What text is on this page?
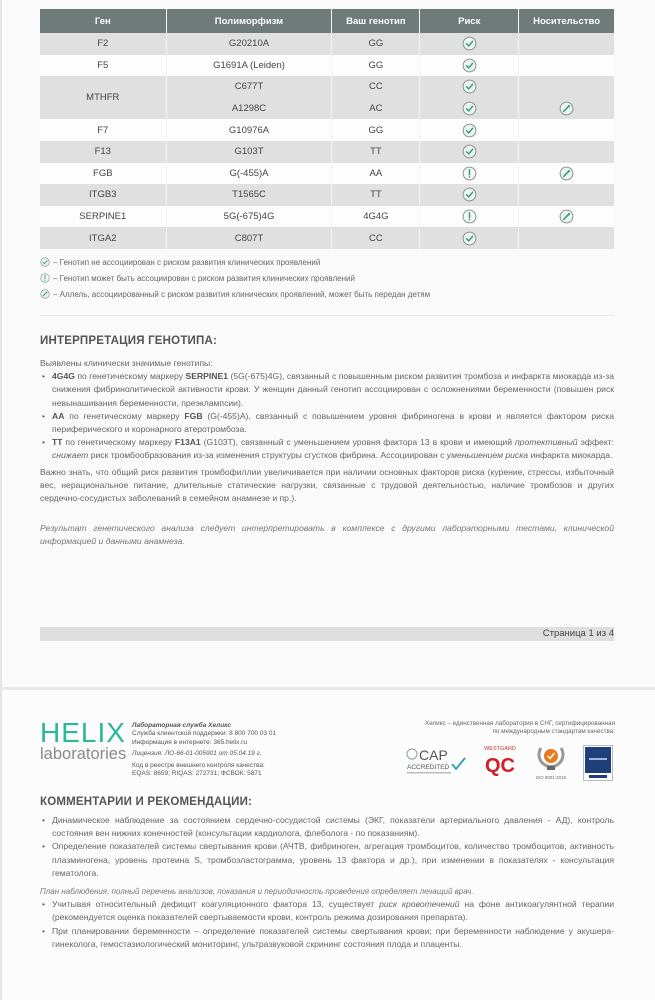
Ген	Полиморфизм	Ваш генотип	Риск	Носительство
F2	G20210A	GG		
F5	G1691A (Leiden)	GG		
MTHFR	C677T	CC		
	A1298C	AC		
F7	G10976A	GG		
F13	G103T	TT		
FGB	G(-455)A	AA		
ITGB3	T1565C	TT		
SERPINE1	5G(-675)4G	4G4G		
ITGA2	C807T	CC		
– Генотип не ассоциирован с риском развития клинических проявлений
– Генотип может быть ассоциирован с риском развития клинических проявлений
– Аллель, ассоциированный с риском развития клинических проявлений, может быть передан детям
ИНТЕРПРЕТАЦИЯ ГЕНОТИПА:

Выявлены клинически значимые генотипы:

• 4G4G по генетическому маркеру SERPINE1 (5G(-675)4G), связанный с повышенным риском развития тромбоза и инфаркта миокарда из-за снижения фибринолитической активности крови. У женщин данный генотип ассоциирован с осложнениями беременности (повышен риск невынашивания беременности, преэклампсии).

• AA по генетическому маркеру FGB (G(-455)A), связанный с повышением уровня фибриногена в крови и является фактором риска периферического и коронарного атеротромбоза.

• TT по генетическому маркеру F13A1 (G103T), связанный с уменьшением уровня фактора 13 в крови и имеющий протективный эффект: снижает риск тромбообразования из-за изменения структуры сгустков фибрина. Ассоциирован с уменьшением риска инфаркта миокарда.

Важно знать, что общий риск развития тромбофиллии увеличивается при наличии основных факторов риска (курение, стрессы, избыточный вес, нерациональное питание, длительные статические нагрузки, связанные с трудовой деятельностью, наличие тромбозов и других сердечно-сосудистых заболеваний в семейном анамнезе и пр.).

Результат генетического анализа следует интерпретировать в комплексе с другими лабораторными тестами, клинической информацией и данными анамнеза.

Страница 1 из 4
HELIX
laboratories
Лабораторная служба Хеликс
Служба клиентской поддержки: 8 800 700 03 01
Информация в интернете: 365.helix.ru
Лицензия: ЛО-66-01-005901 от 05.04.19 г.
Код в реестре внешнего контроля качества:
EQAS: 8659; RIQAS: 272731; ФСВОК: 5871
Хеликс – единственная лаборатория в СНГ, сертифицированная
по международным стандартам качества:
CAP
ACCREDITED
WESTGARD
QC
ISO 9001:2015
КОММЕНТАРИИ И РЕКОМЕНДАЦИИ:

• Динамическое наблюдение за состоянием сердечно-сосудистой системы (ЭКГ, показатели артериального давления - АД), контроль состояния вен нижних конечностей (консультации кардиолога, флеболога - по показаниям).

• Определение показателей системы свертывания крови (АЧТВ, фибриноген, агрегация тромбоцитов, количество тромбоцитов, активность плазминогена, уровень протеина S, тромбоэластограмма, уровень 13 фактора и др.), при изменении в показателях - консультация гематолога.

План наблюдения, полный перечень анализов, показания и периодичность проведения определяет лечащий врач.

• Учитывая относительный дефицит коагуляционного фактора 13, существует риск кровотечений на фоне антикоагулянтной терапии (рекомендуется оценка показателей свертываемости крови, контроль режима дозирования препарата).

• При планировании беременности – определение показателей системы свертывания крови; при беременности наблюдение у акушера-гинеколога, гемостазиологический мониторинг, ультразвуковой скрининг состояния плода и плаценты.
